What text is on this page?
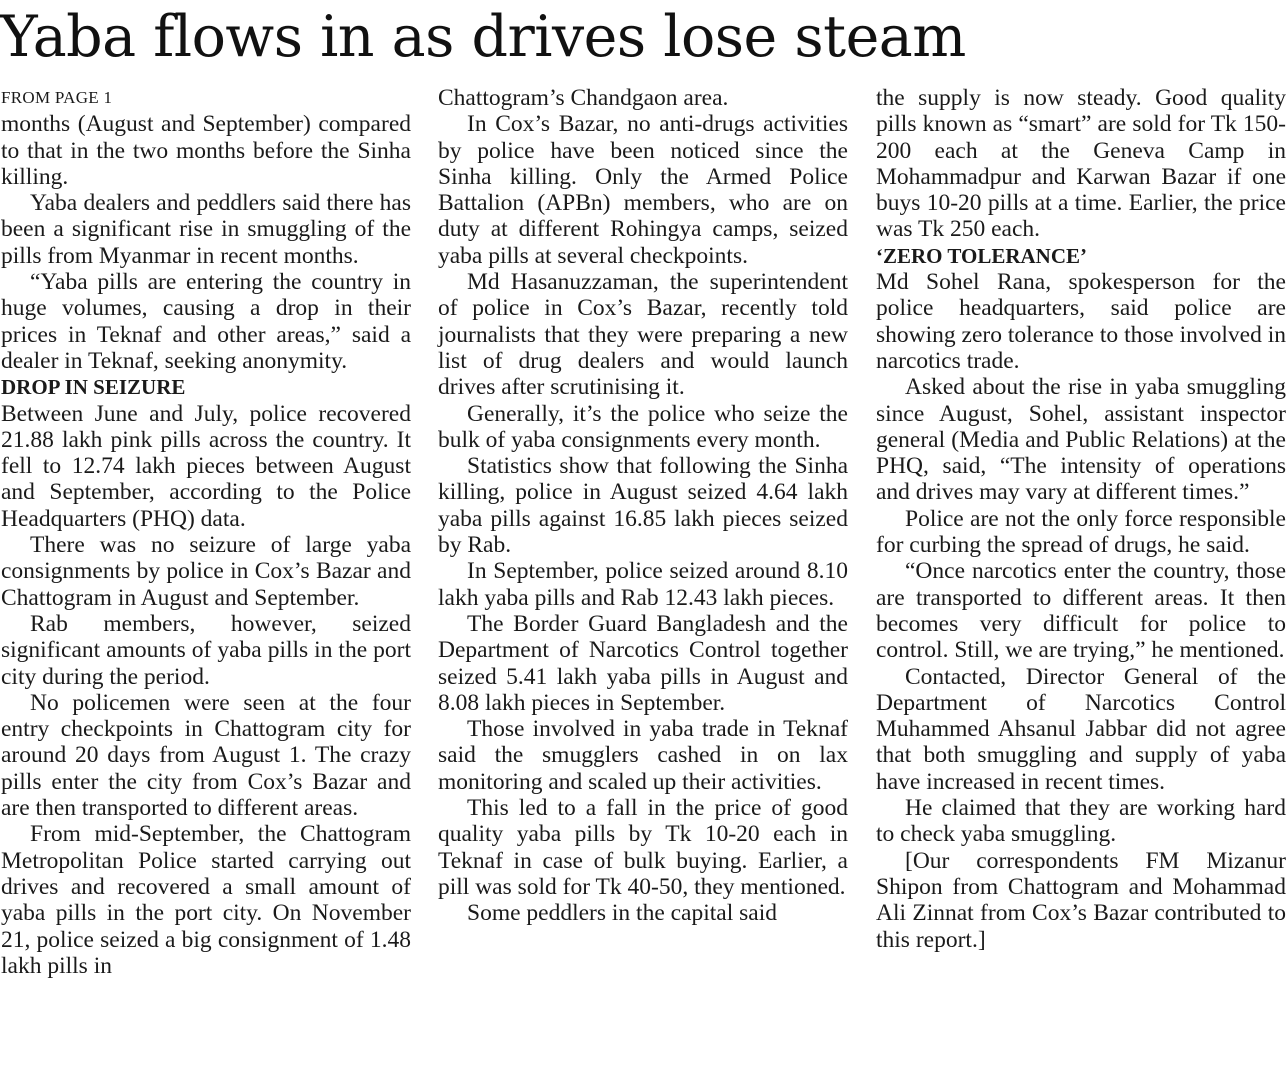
Yaba flows in as drives lose steam
FROM PAGE 1

months (August and September) compared to that in the two months before the Sinha killing.

Yaba dealers and peddlers said there has been a significant rise in smuggling of the pills from Myanmar in recent months.

“Yaba pills are entering the country in huge volumes, causing a drop in their prices in Teknaf and other areas,” said a dealer in Teknaf, seeking anonymity.

DROP IN SEIZURE

Between June and July, police recovered 21.88 lakh pink pills across the country. It fell to 12.74 lakh pieces between August and September, according to the Police Headquarters (PHQ) data.

There was no seizure of large yaba consignments by police in Cox’s Bazar and Chattogram in August and September.

Rab members, however, seized significant amounts of yaba pills in the port city during the period.

No policemen were seen at the four entry checkpoints in Chattogram city for around 20 days from August 1. The crazy pills enter the city from Cox’s Bazar and are then transported to different areas.

From mid-September, the Chattogram Metropolitan Police started carrying out drives and recovered a small amount of yaba pills in the port city. On November 21, police seized a big consignment of 1.48 lakh pills in

Chattogram’s Chandgaon area.

In Cox’s Bazar, no anti-drugs activities by police have been noticed since the Sinha killing. Only the Armed Police Battalion (APBn) members, who are on duty at different Rohingya camps, seized yaba pills at several checkpoints.

Md Hasanuzzaman, the superintendent of police in Cox’s Bazar, recently told journalists that they were preparing a new list of drug dealers and would launch drives after scrutinising it.

Generally, it’s the police who seize the bulk of yaba consignments every month.

Statistics show that following the Sinha killing, police in August seized 4.64 lakh yaba pills against 16.85 lakh pieces seized by Rab.

In September, police seized around 8.10 lakh yaba pills and Rab 12.43 lakh pieces.

The Border Guard Bangladesh and the Department of Narcotics Control together seized 5.41 lakh yaba pills in August and 8.08 lakh pieces in September.

Those involved in yaba trade in Teknaf said the smugglers cashed in on lax monitoring and scaled up their activities.

This led to a fall in the price of good quality yaba pills by Tk 10-20 each in Teknaf in case of bulk buying. Earlier, a pill was sold for Tk 40-50, they mentioned.

Some peddlers in the capital said

the supply is now steady. Good quality pills known as “smart” are sold for Tk 150-200 each at the Geneva Camp in Mohammadpur and Karwan Bazar if one buys 10-20 pills at a time. Earlier, the price was Tk 250 each.

‘ZERO TOLERANCE’

Md Sohel Rana, spokesperson for the police headquarters, said police are showing zero tolerance to those involved in narcotics trade.

Asked about the rise in yaba smuggling since August, Sohel, assistant inspector general (Media and Public Relations) at the PHQ, said, “The intensity of operations and drives may vary at different times.”

Police are not the only force responsible for curbing the spread of drugs, he said.

“Once narcotics enter the country, those are transported to different areas. It then becomes very difficult for police to control. Still, we are trying,” he mentioned.

Contacted, Director General of the Department of Narcotics Control Muhammed Ahsanul Jabbar did not agree that both smuggling and supply of yaba have increased in recent times.

He claimed that they are working hard to check yaba smuggling.

[Our correspondents FM Mizanur Shipon from Chattogram and Mohammad Ali Zinnat from Cox’s Bazar contributed to this report.]
